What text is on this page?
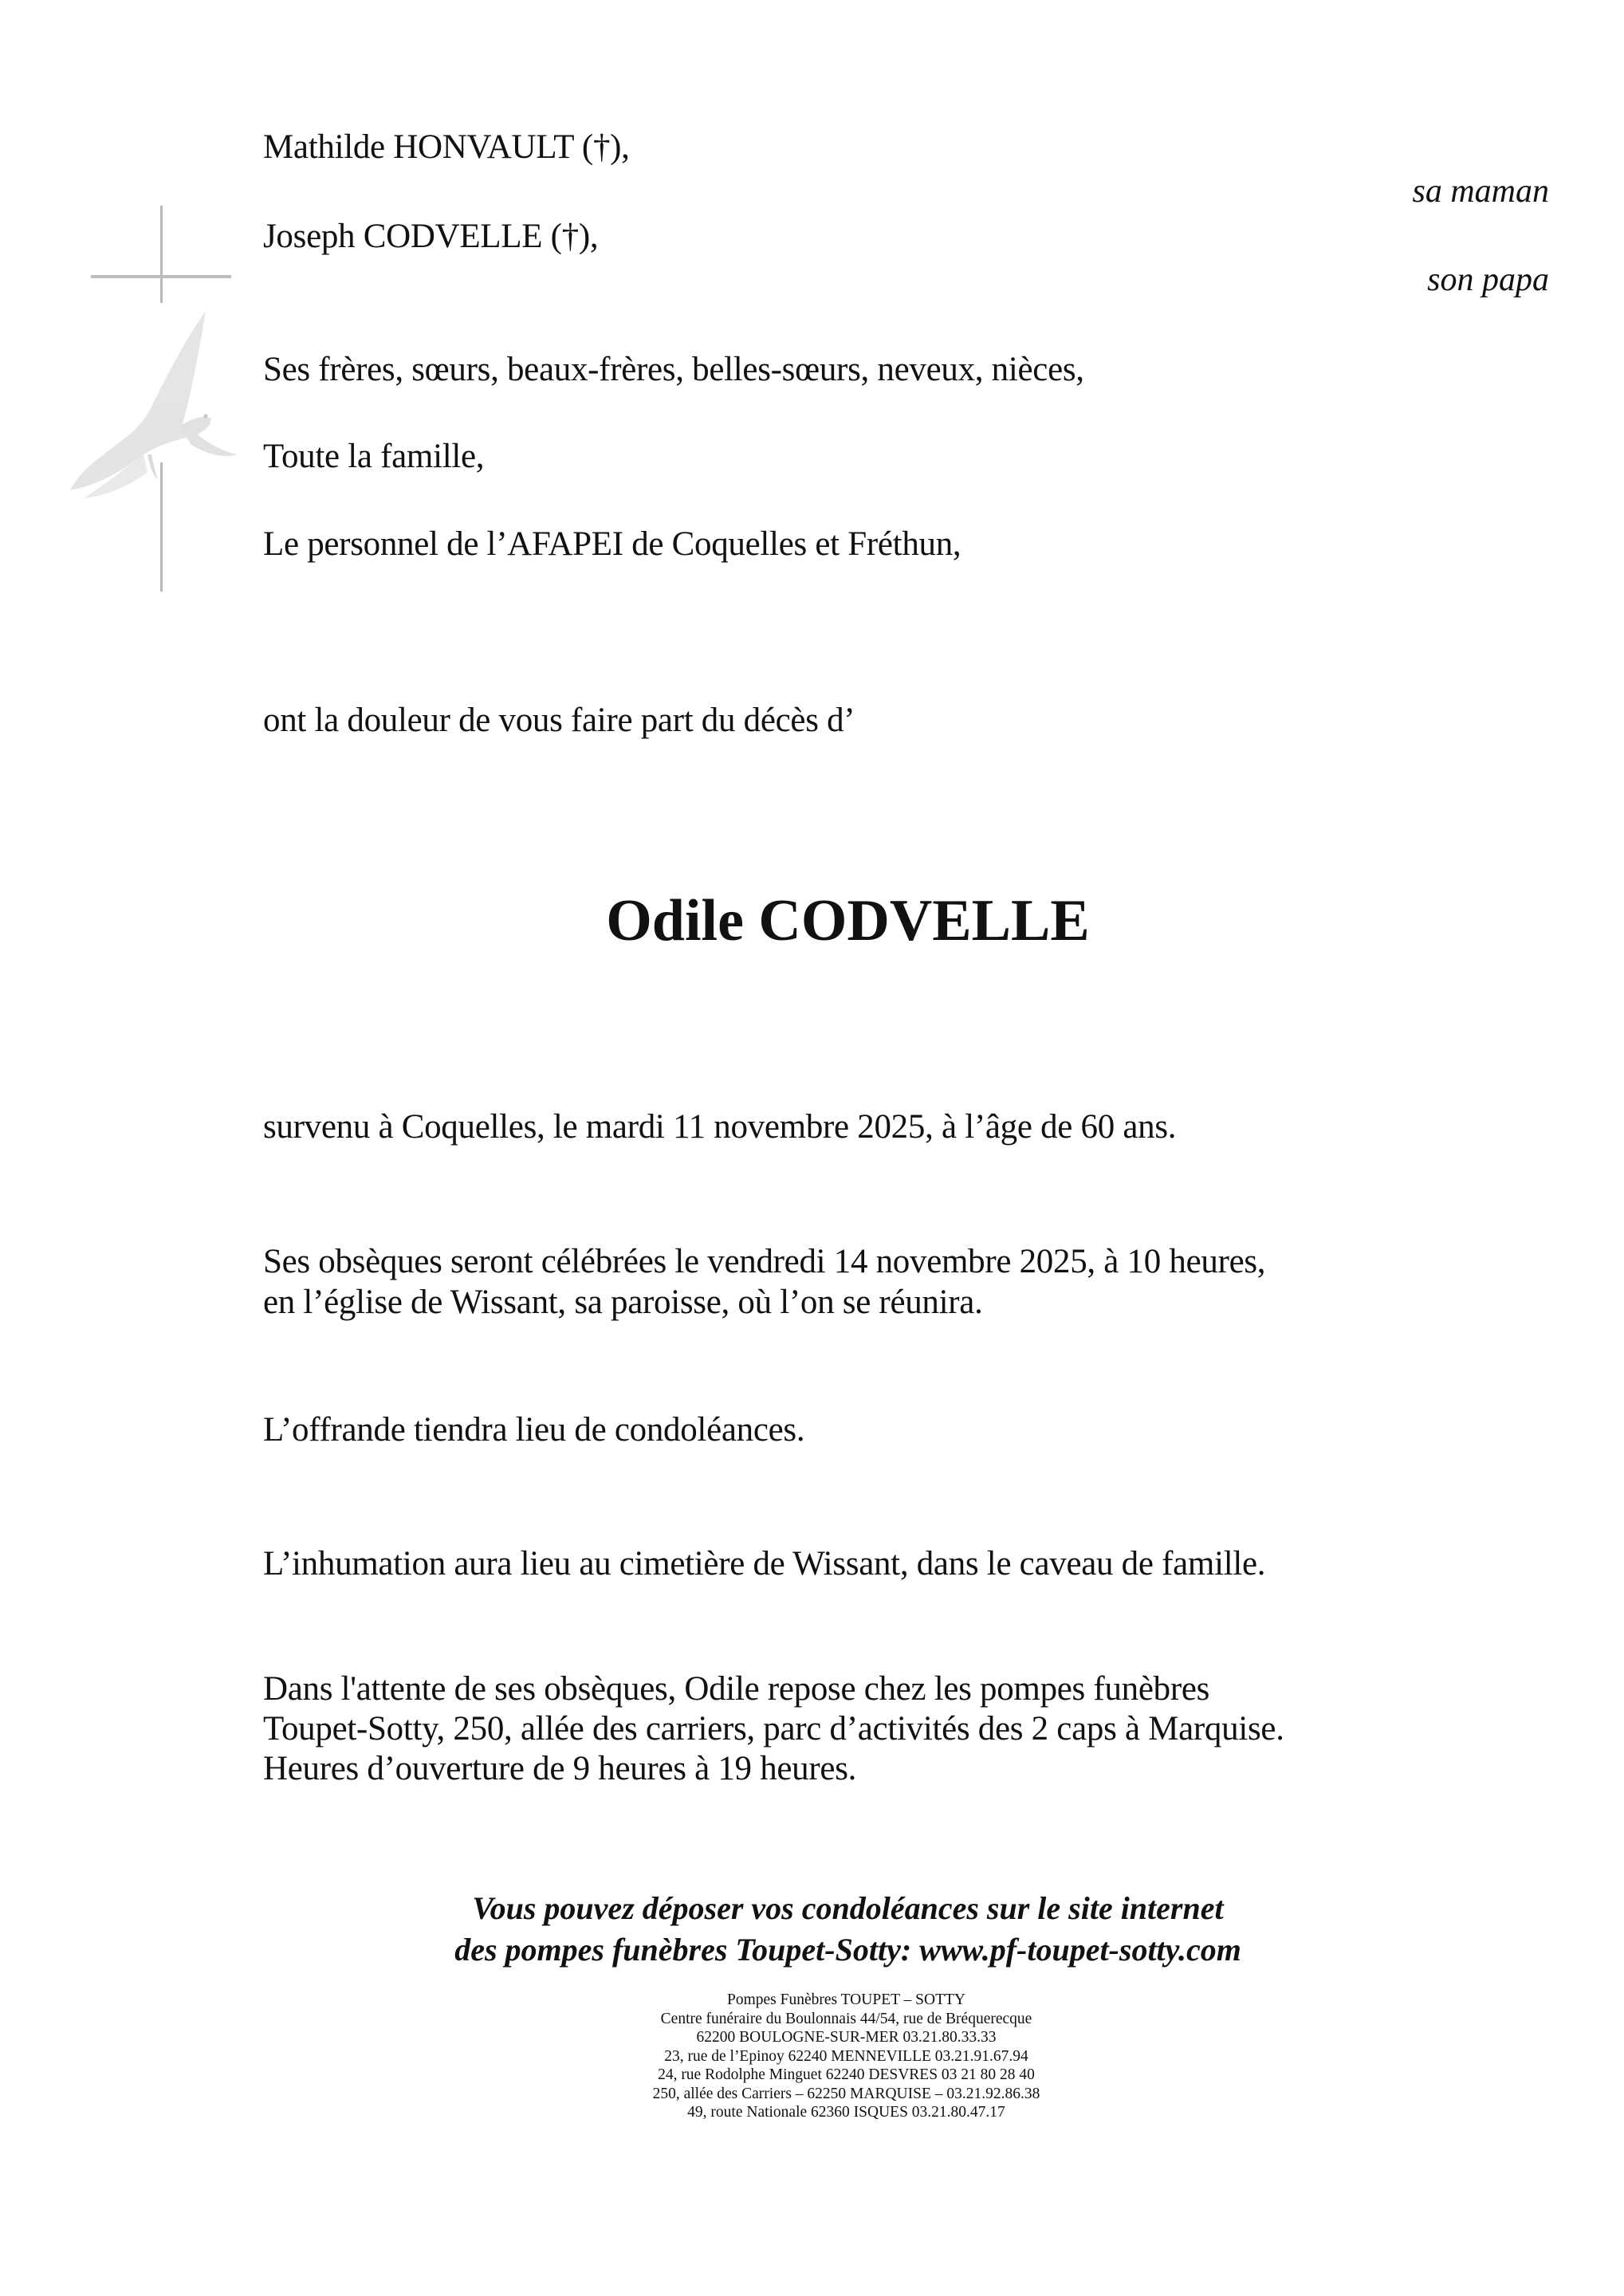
Mathilde HONVAULT (†),
sa maman
Joseph CODVELLE (†),
son papa
Ses frères, sœurs, beaux-frères, belles-sœurs, neveux, nièces,
Toute la famille,
Le personnel de l’AFAPEI de Coquelles et Fréthun,
ont la douleur de vous faire part du décès d’
Odile CODVELLE
survenu à Coquelles, le mardi 11 novembre 2025, à l’âge de 60 ans.
Ses obsèques seront célébrées le vendredi 14 novembre 2025, à 10 heures,
en l’église de Wissant, sa paroisse, où l’on se réunira.
L’offrande tiendra lieu de condoléances.
L’inhumation aura lieu au cimetière de Wissant, dans le caveau de famille.
Dans l'attente de ses obsèques, Odile repose chez les pompes funèbres
Toupet-Sotty, 250, allée des carriers, parc d’activités des 2 caps à Marquise.
Heures d’ouverture de 9 heures à 19 heures.
Vous pouvez déposer vos condoléances sur le site internet
des pompes funèbres Toupet-Sotty: www.pf-toupet-sotty.com
Pompes Funèbres TOUPET – SOTTY
Centre funéraire du Boulonnais 44/54, rue de Bréquerecque
62200 BOULOGNE-SUR-MER 03.21.80.33.33
23, rue de l’Epinoy 62240 MENNEVILLE 03.21.91.67.94
24, rue Rodolphe Minguet 62240 DESVRES 03 21 80 28 40
250, allée des Carriers – 62250 MARQUISE – 03.21.92.86.38
49, route Nationale 62360 ISQUES 03.21.80.47.17
